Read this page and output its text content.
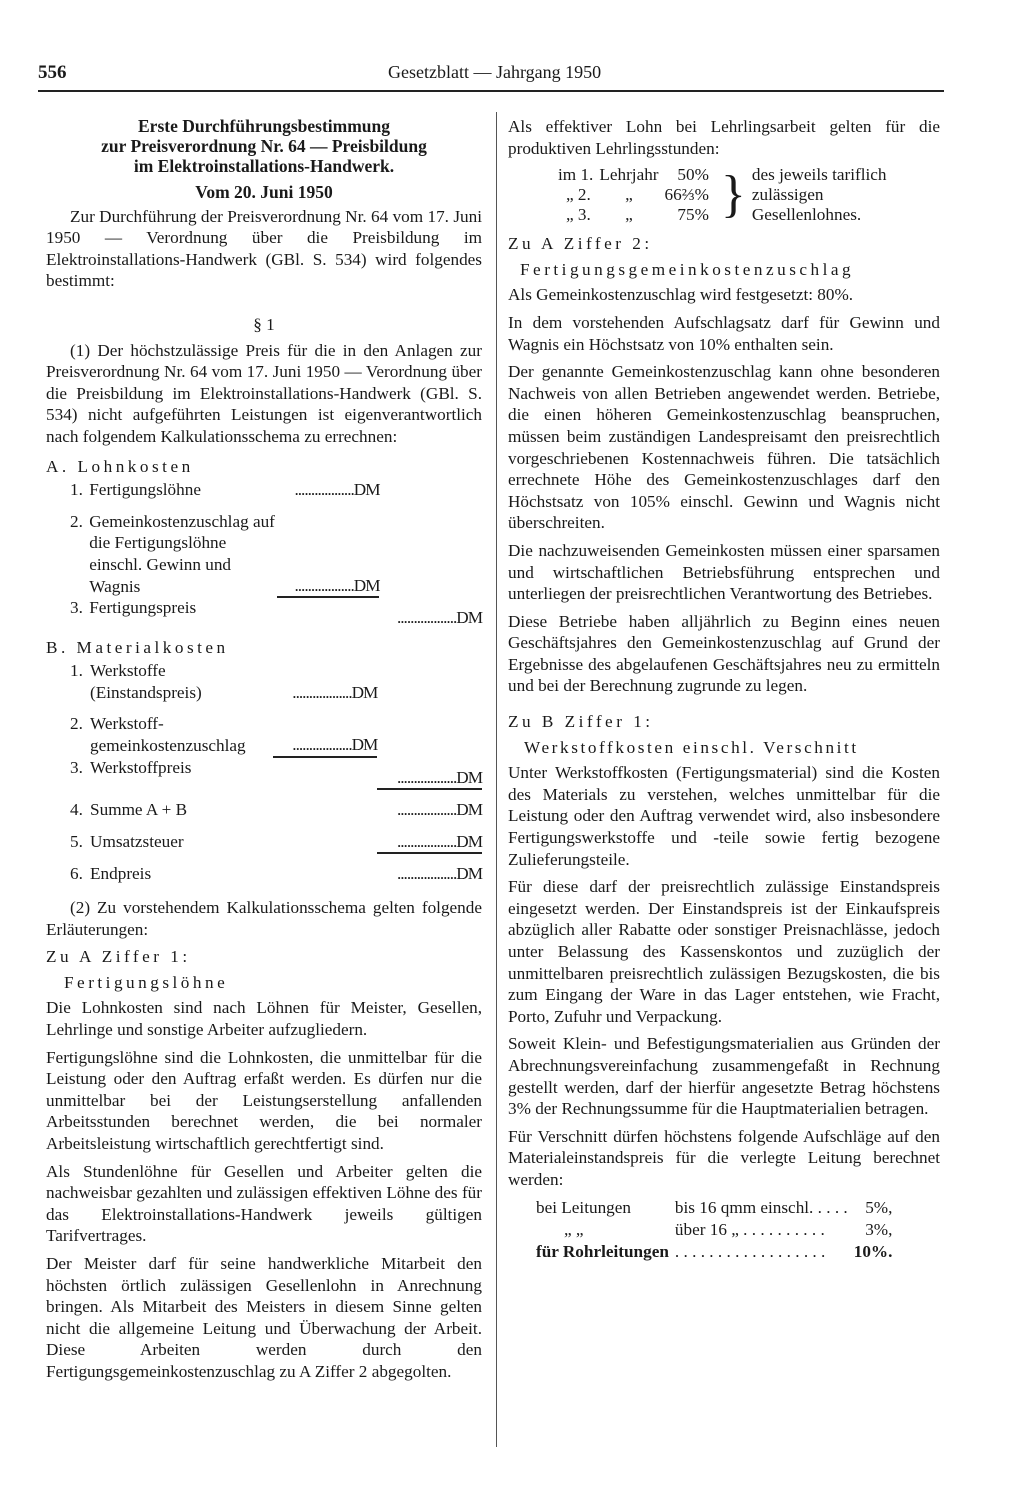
556	Gesetzblatt — Jahrgang 1950

Erste Durchführungsbestimmung

zur Preisverordnung Nr. 64 — Preisbildung

im Elektroinstallations-Handwerk.

Vom 20. Juni 1950

Zur Durchführung der Preisverordnung Nr. 64 vom 17. Juni 1950 — Verordnung über die Preisbildung im Elektroinstallations-Handwerk (GBl. S. 534) wird folgendes bestimmt:

§ 1

(1) Der höchstzulässige Preis für die in den Anlagen zur Preisverordnung Nr. 64 vom 17. Juni 1950 — Verordnung über die Preisbildung im Elektroinstallations-Handwerk (GBl. S. 534) nicht aufgeführten Leistungen ist eigenverantwortlich nach folgendem Kalkulationsschema zu errechnen:

A. Lohnkosten

1.	Fertigungslöhne	..................DM	
2.	Gemeinkostenzuschlag auf die Fertigungslöhne einschl. Gewinn und Wagnis	..................DM	
3.	Fertigungspreis		..................DM

B. Materialkosten

1.	Werkstoffe (Einstandspreis)	..................DM	
2.	Werkstoff-gemeinkostenzuschlag	..................DM	
3.	Werkstoffpreis		..................DM
4.	Summe A + B		..................DM
5.	Umsatzsteuer		..................DM
6.	Endpreis		..................DM

(2) Zu vorstehendem Kalkulationsschema gelten folgende Erläuterungen:

Zu A Ziffer 1:

Fertigungslöhne

Die Lohnkosten sind nach Löhnen für Meister, Gesellen, Lehrlinge und sonstige Arbeiter aufzugliedern.

Fertigungslöhne sind die Lohnkosten, die unmittelbar für die Leistung oder den Auftrag erfaßt werden. Es dürfen nur die unmittelbar bei der Leistungserstellung anfallenden Arbeitsstunden berechnet werden, die bei normaler Arbeitsleistung wirtschaftlich gerechtfertigt sind.

Als Stundenlöhne für Gesellen und Arbeiter gelten die nachweisbar gezahlten und zulässigen effektiven Löhne des für das Elektroinstallations-Handwerk jeweils gültigen Tarifvertrages.

Der Meister darf für seine handwerkliche Mitarbeit den höchsten örtlich zulässigen Gesellenlohn in Anrechnung bringen. Als Mitarbeit des Meisters in diesem Sinne gelten nicht die allgemeine Leitung und Überwachung der Arbeit. Diese Arbeiten werden durch den Fertigungsgemeinkostenzuschlag zu A Ziffer 2 abgegolten.

Als effektiver Lohn bei Lehrlingsarbeit gelten für die produktiven Lehrlingsstunden:

im 1.	Lehrjahr	50%	}	des jeweils tariflich zulässigen Gesellenlohnes.
„ 2.	„	66⅔%		
„ 3.	„	75%		

Zu A Ziffer 2:

Fertigungsgemeinkostenzuschlag

Als Gemeinkostenzuschlag wird festgesetzt: 80%.

In dem vorstehenden Aufschlagsatz darf für Gewinn und Wagnis ein Höchstsatz von 10% enthalten sein.

Der genannte Gemeinkostenzuschlag kann ohne besonderen Nachweis von allen Betrieben angewendet werden. Betriebe, die einen höheren Gemeinkostenzuschlag beanspruchen, müssen beim zuständigen Landespreisamt den preisrechtlich vorgeschriebenen Kostennachweis führen. Die tatsächlich errechnete Höhe des Gemeinkostenzuschlages darf den Höchstsatz von 105% einschl. Gewinn und Wagnis nicht überschreiten.

Die nachzuweisenden Gemeinkosten müssen einer sparsamen und wirtschaftlichen Betriebsführung entsprechen und unterliegen der preisrechtlichen Verantwortung des Betriebes.

Diese Betriebe haben alljährlich zu Beginn eines neuen Geschäftsjahres den Gemeinkostenzuschlag auf Grund der Ergebnisse des abgelaufenen Geschäftsjahres neu zu ermitteln und bei der Berechnung zugrunde zu legen.

Zu B Ziffer 1:

Werkstoffkosten einschl. Verschnitt

Unter Werkstoffkosten (Fertigungsmaterial) sind die Kosten des Materials zu verstehen, welches unmittelbar für die Leistung oder den Auftrag verwendet wird, also insbesondere Fertigungswerkstoffe und -teile sowie fertig bezogene Zulieferungsteile.

Für diese darf der preisrechtlich zulässige Einstandspreis eingesetzt werden. Der Einstandspreis ist der Einkaufspreis abzüglich aller Rabatte oder sonstiger Preisnachlässe, jedoch unter Belassung des Kassenskontos und zuzüglich der unmittelbaren preisrechtlich zulässigen Bezugskosten, die bis zum Eingang der Ware in das Lager entstehen, wie Fracht, Porto, Zufuhr und Verpackung.

Soweit Klein- und Befestigungsmaterialien aus Gründen der Abrechnungsvereinfachung zusammengefaßt in Rechnung gestellt werden, darf der hierfür angesetzte Betrag höchstens 3% der Rechnungssumme für die Hauptmaterialien betragen.

Für Verschnitt dürfen höchstens folgende Aufschläge auf den Materialeinstandspreis für die verlegte Leitung berechnet werden:

bei Leitungen	bis 16 qmm einschl. . . . .	5%,
„ „	über 16 „ . . . . . . . . . .	3%,
für Rohrleitungen	. . . . . . . . . . . . . . . . . .	10%.
